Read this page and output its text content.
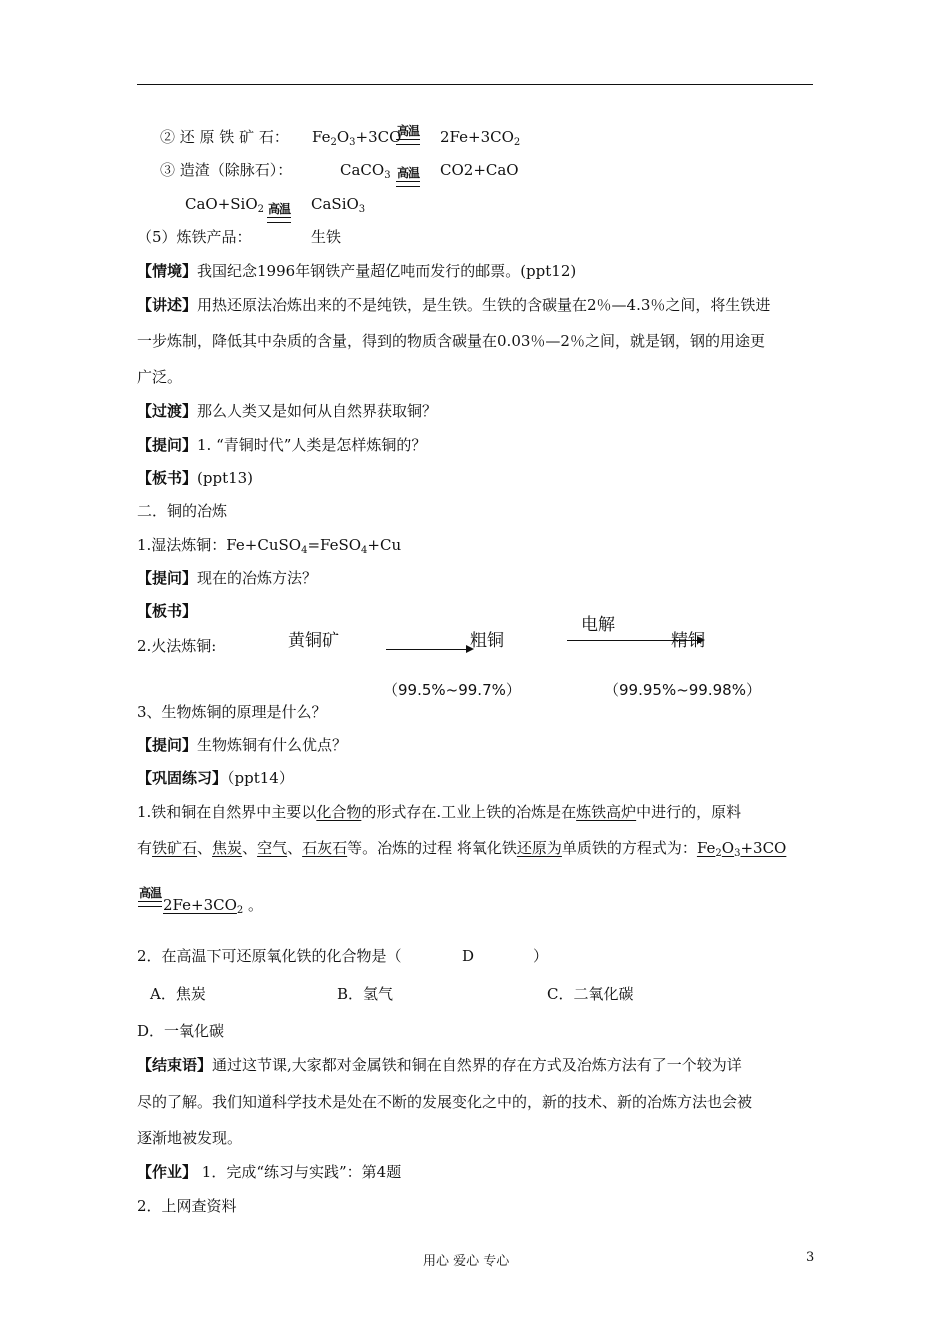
② 还 原 铁 矿 石： $Fe_2O_3+3CO$
高温	$2Fe+3CO_2$
③ 造渣（除脉石）：	CaCO$_3$ 高温	CO2+CaO
CaO+SiO$_2$ 高温	CaSiO$_3$
（5）炼铁产品：	生铁
【情境】我国纪念1996年钢铁产量超亿吨而发行的邮票。(ppt12)
【讲述】用热还原法冶炼出来的不是纯铁，是生铁。生铁的含碳量在2％—4.3％之间，将生铁进
一步炼制，降低其中杂质的含量，得到的物质含碳量在0.03％—2％之间，就是钢，钢的用途更
广泛。
【过渡】那么人类又是如何从自然界获取铜？
【提问】1. “青铜时代”人类是怎样炼铜的？
【板书】(ppt13)
二．铜的冶炼
1.湿法炼铜：Fe+CuSO$_4$=FeSO$_4$+Cu
【提问】现在的冶炼方法？
【板书】
2.火法炼铜:	黄铜矿	粗铜
电解
精铜
（99.5%~99.7%）	（99.95%~99.98%）
3、生物炼铜的原理是什么？
【提问】生物炼铜有什么优点？
【巩固练习】（ppt14）
1.铁和铜在自然界中主要以化合物的形式存在.工业上铁的冶炼是在炼铁高炉中进行的，原料
有铁矿石、焦炭、空气、石灰石等。冶炼的过程 将氧化铁还原为单质铁的方程式为：$Fe_2O_3+3CO$
高温
$2Fe+3CO_2$ 。
2．在高温下可还原氧化铁的化合物是（	D	）
A．焦炭	B．氢气	C．二氧化碳
D．一氧化碳
【结束语】通过这节课,大家都对金属铁和铜在自然界的存在方式及冶炼方法有了一个较为详
尽的了解。我们知道科学技术是处在不断的发展变化之中的，新的技术、新的冶炼方法也会被
逐渐地被发现。
【作业】 1．完成“练习与实践”：第4题
2．上网查资料
用心 爱心 专心	3
